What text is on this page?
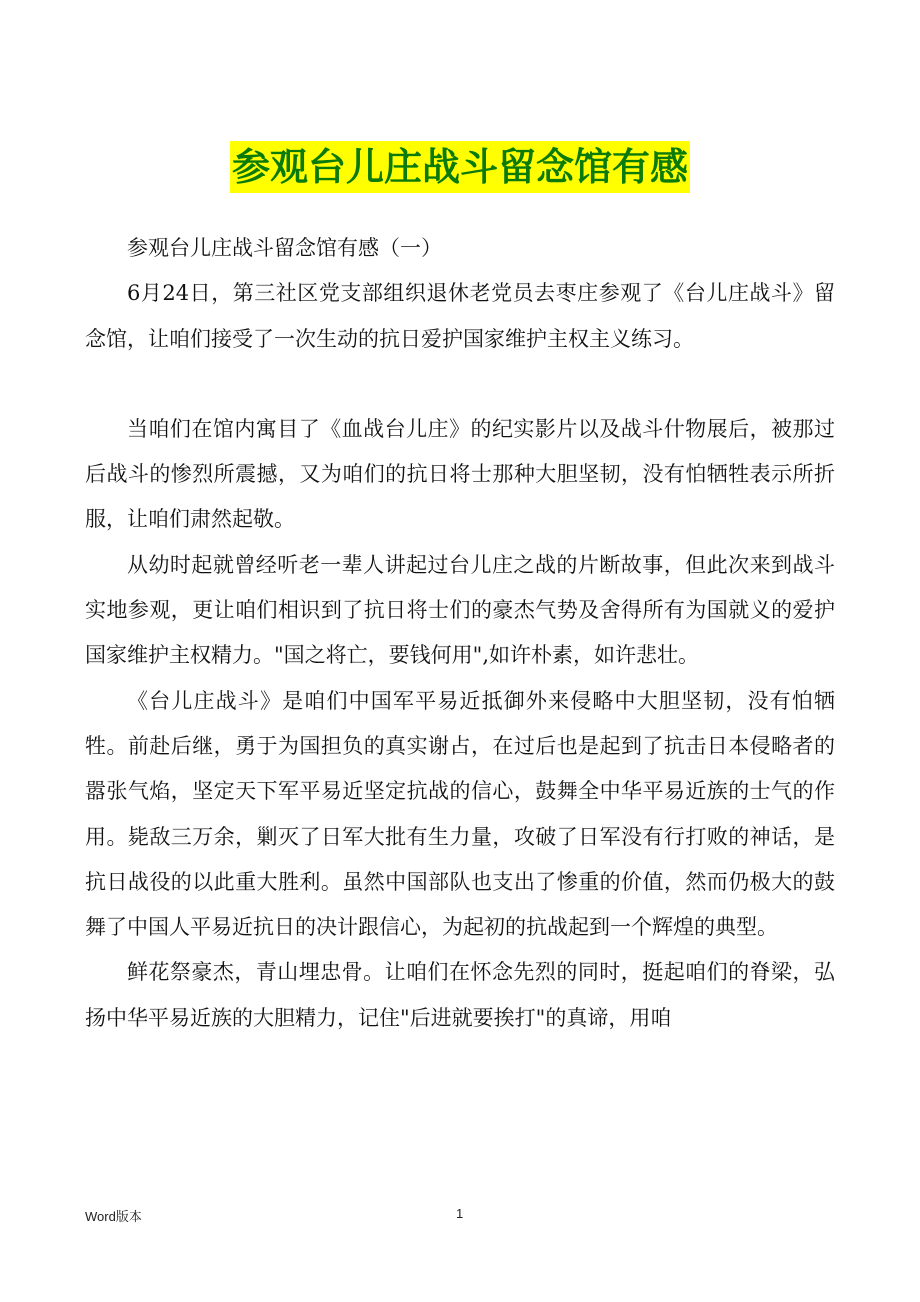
参观台儿庄战斗留念馆有感

参观台儿庄战斗留念馆有感（一）

6月24日，第三社区党支部组织退休老党员去枣庄参观了《台儿庄战斗》留念馆，让咱们接受了一次生动的抗日爱护国家维护主权主义练习。

当咱们在馆内寓目了《血战台儿庄》的纪实影片以及战斗什物展后，被那过后战斗的惨烈所震撼，又为咱们的抗日将士那种大胆坚韧，没有怕牺牲表示所折服，让咱们肃然起敬。

从幼时起就曾经听老一辈人讲起过台儿庄之战的片断故事，但此次来到战斗实地参观，更让咱们相识到了抗日将士们的豪杰气势及舍得所有为国就义的爱护国家维护主权精力。"国之将亡，要钱何用",如许朴素，如许悲壮。

《台儿庄战斗》是咱们中国军平易近抵御外来侵略中大胆坚韧，没有怕牺牲。前赴后继，勇于为国担负的真实谢占，在过后也是起到了抗击日本侵略者的嚣张气焰，坚定天下军平易近坚定抗战的信心，鼓舞全中华平易近族的士气的作用。毙敌三万余，剿灭了日军大批有生力量，攻破了日军没有行打败的神话，是抗日战役的以此重大胜利。虽然中国部队也支出了惨重的价值，然而仍极大的鼓舞了中国人平易近抗日的决计跟信心，为起初的抗战起到一个辉煌的典型。

鲜花祭豪杰，青山埋忠骨。让咱们在怀念先烈的同时，挺起咱们的脊梁，弘扬中华平易近族的大胆精力，记住"后进就要挨打"的真谛，用咱

Word版本	1
